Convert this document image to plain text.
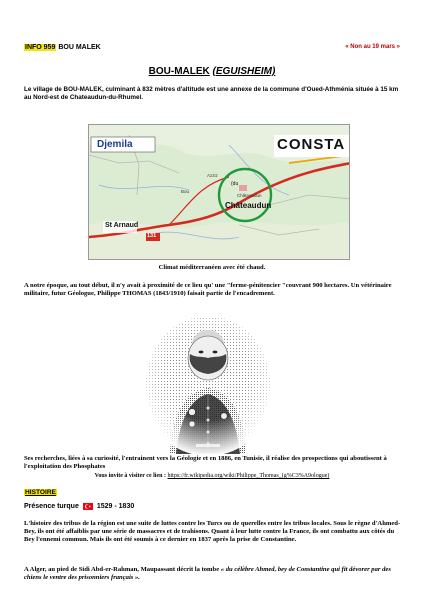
INFO 959 BOU MALEK	« Non au 19 mars »
BOU-MALEK (EGUISHEIM)
Le village de BOU-MALEK, culminant à 832 mètres d'altitude est une annexe de la commune d'Oued-Athménia située à 15 km au Nord-est de Chateaudun-du-Rhumel.
Djemila	CONSTA
(du
Châteaudun
Châteaudun
St Arnaud
131
Azziz
Bou
Climat méditerranéen avec été chaud.
A notre époque, au tout début, il n'y avait à proximité de ce lieu qu' une "ferme-pénitencier "couvrant 900 hectares. Un vétérinaire militaire, futur Géologue, Philippe THOMAS (1843/1910) faisait partie de l'encadrement.
Ses recherches, liées à sa curiosité, l'entrainent vers la Géologie et en 1886, en Tunisie, il réalise des prospections qui aboutissent à l'exploitation des Phosphates
Vous invite à visiter ce lien : https://fr.wikipedia.org/wiki/Philippe_Thomas_(g%C3%A9ologue)
HISTOIRE
Présence turque	1529 - 1830
L'histoire des tribus de la région est une suite de luttes contre les Turcs ou de querelles entre les tribus locales. Sous le règne d'Ahmed-Bey, ils ont été affaiblis par une série de massacres et de trahisons. Quant à leur lutte contre la France, ils ont combattu aux côtés du Bey l'ennemi commun. Mais ils ont été soumis à ce dernier en 1837 après la prise de Constantine.
A Alger, au pied de Sidi Abd-er-Rahman, Maupassant décrit la tombe « du célèbre Ahmed, bey de Constantine qui fit dévorer par des chiens le ventre des prisonniers français ».
